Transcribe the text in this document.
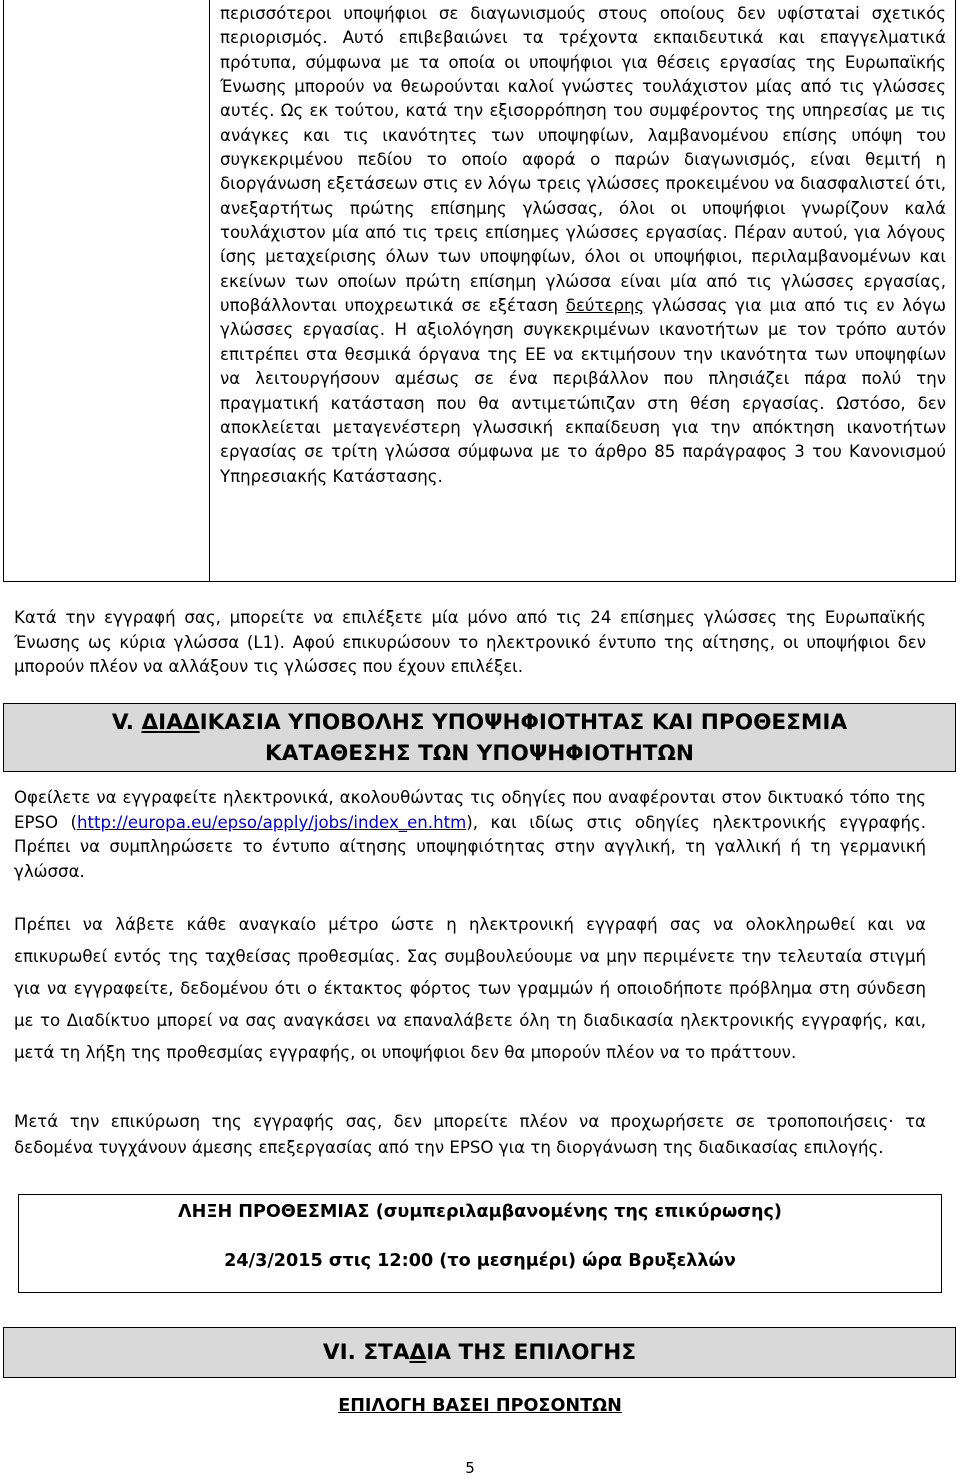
περισσότεροι υποψήφιοι σε διαγωνισμούς στους οποίους δεν υφίστατai σχετικός περιορισμός. Αυτό επιβεβαιώνει τα τρέχοντα εκπαιδευτικά και επαγγελματικά πρότυπα, σύμφωνα με τα οποία οι υποψήφιοι για θέσεις εργασίας της Ευρωπαϊκής Ένωσης μπορούν να θεωρούνται καλοί γνώστες τουλάχιστον μίας από τις γλώσσες αυτές. Ως εκ τούτου, κατά την εξισορρόπηση του συμφέροντος της υπηρεσίας με τις ανάγκες και τις ικανότητες των υποψηφίων, λαμβανομένου επίσης υπόψη του συγκεκριμένου πεδίου το οποίο αφορά ο παρών διαγωνισμός, είναι θεμιτή η διοργάνωση εξετάσεων στις εν λόγω τρεις γλώσσες προκειμένου να διασφαλιστεί ότι, ανεξαρτήτως πρώτης επίσημης γλώσσας, όλοι οι υποψήφιοι γνωρίζουν καλά τουλάχιστον μία από τις τρεις επίσημες γλώσσες εργασίας. Πέραν αυτού, για λόγους ίσης μεταχείρισης όλων των υποψηφίων, όλοι οι υποψήφιοι, περιλαμβανομένων και εκείνων των οποίων πρώτη επίσημη γλώσσα είναι μία από τις γλώσσες εργασίας, υποβάλλονται υποχρεωτικά σε εξέταση δεύτερης γλώσσας για μια από τις εν λόγω γλώσσες εργασίας. Η αξιολόγηση συγκεκριμένων ικανοτήτων με τον τρόπο αυτόν επιτρέπει στα θεσμικά όργανα της ΕΕ να εκτιμήσουν την ικανότητα των υποψηφίων να λειτουργήσουν αμέσως σε ένα περιβάλλον που πλησιάζει πάρα πολύ την πραγματική κατάσταση που θα αντιμετώπιζαν στη θέση εργασίας. Ωστόσο, δεν αποκλείεται μεταγενέστερη γλωσσική εκπαίδευση για την απόκτηση ικανοτήτων εργασίας σε τρίτη γλώσσα σύμφωνα με το άρθρο 85 παράγραφος 3 του Κανονισμού Υπηρεσιακής Κατάστασης.
Κατά την εγγραφή σας, μπορείτε να επιλέξετε μία μόνο από τις 24 επίσημες γλώσσες της Ευρωπαϊκής Ένωσης ως κύρια γλώσσα (L1). Αφού επικυρώσουν το ηλεκτρονικό έντυπο της αίτησης, οι υποψήφιοι δεν μπορούν πλέον να αλλάξουν τις γλώσσες που έχουν επιλέξει.
V. ΔΙΑΔΙΚΑΣΙΑ ΥΠΟΒΟΛΗΣ ΥΠΟΨΗΦΙΟΤΗΤΑΣ ΚΑΙ ΠΡΟΘΕΣΜΙΑ
ΚΑΤΑΘΕΣΗΣ ΤΩΝ ΥΠΟΨΗΦΙΟΤΗΤΩΝ
Οφείλετε να εγγραφείτε ηλεκτρονικά, ακολουθώντας τις οδηγίες που αναφέρονται στον δικτυακό τόπο της EPSO (http://europa.eu/epso/apply/jobs/index_en.htm), και ιδίως στις οδηγίες ηλεκτρονικής εγγραφής. Πρέπει να συμπληρώσετε το έντυπο αίτησης υποψηφιότητας στην αγγλική, τη γαλλική ή τη γερμανική γλώσσα.
Πρέπει να λάβετε κάθε αναγκαίο μέτρο ώστε η ηλεκτρονική εγγραφή σας να ολοκληρωθεί και να επικυρωθεί εντός της ταχθείσας προθεσμίας. Σας συμβουλεύουμε να μην περιμένετε την τελευταία στιγμή για να εγγραφείτε, δεδομένου ότι ο έκτακτος φόρτος των γραμμών ή οποιοδήποτε πρόβλημα στη σύνδεση με το Διαδίκτυο μπορεί να σας αναγκάσει να επαναλάβετε όλη τη διαδικασία ηλεκτρονικής εγγραφής, και, μετά τη λήξη της προθεσμίας εγγραφής, οι υποψήφιοι δεν θα μπορούν πλέον να το πράττουν.
Μετά την επικύρωση της εγγραφής σας, δεν μπορείτε πλέον να προχωρήσετε σε τροποποιήσεις· τα δεδομένα τυγχάνουν άμεσης επεξεργασίας από την EPSO για τη διοργάνωση της διαδικασίας επιλογής.
ΛΗΞΗ ΠΡΟΘΕΣΜΙΑΣ (συμπεριλαμβανομένης της επικύρωσης)
24/3/2015 στις 12:00 (το μεσημέρι) ώρα Βρυξελλών
VI. ΣΤΑΔΙΑ ΤΗΣ ΕΠΙΛΟΓΗΣ
ΕΠΙΛΟΓΗ ΒΑΣΕΙ ΠΡΟΣΟΝΤΩΝ
5
